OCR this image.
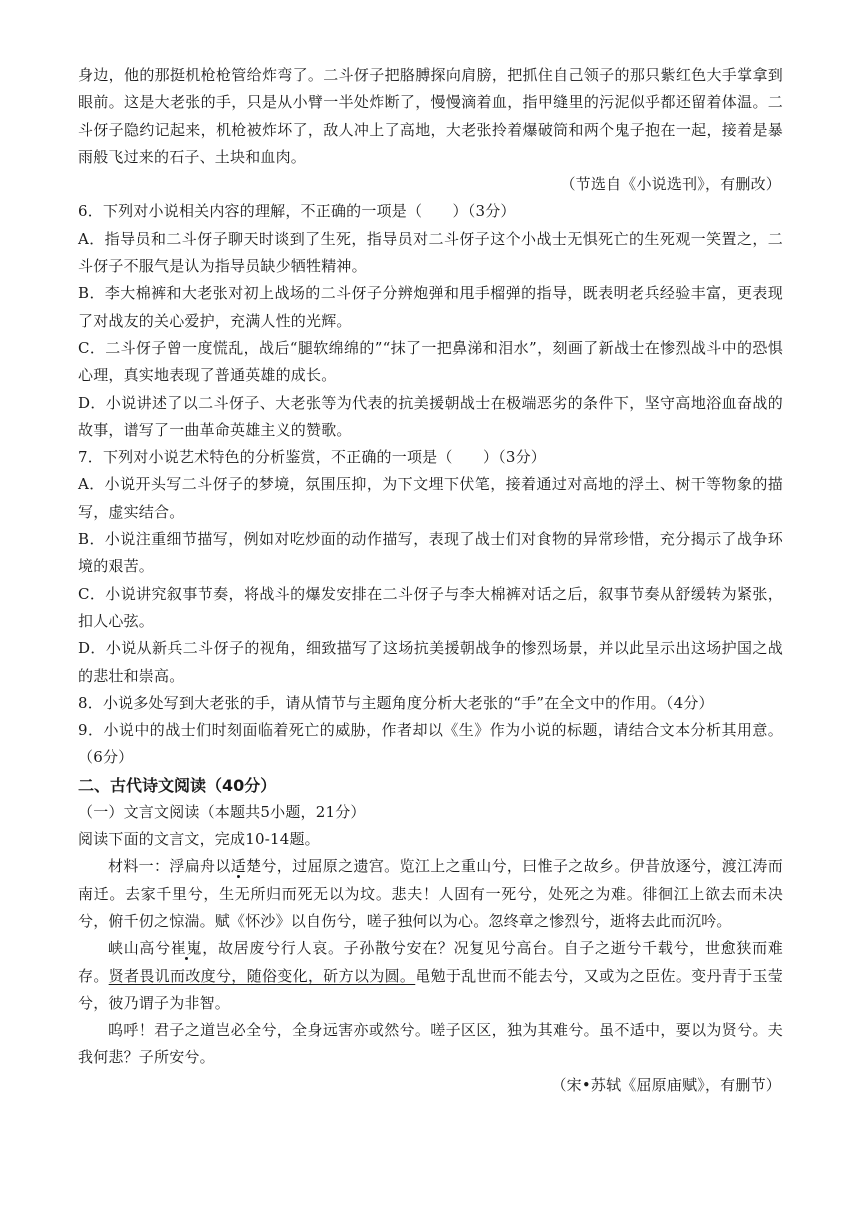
身边，他的那挺机枪枪管给炸弯了。二斗伢子把胳膊探向肩膀，把抓住自己领子的那只紫红色大手掌拿到眼前。这是大老张的手，只是从小臂一半处炸断了，慢慢滴着血，指甲缝里的污泥似乎都还留着体温。二斗伢子隐约记起来，机枪被炸坏了，敌人冲上了高地，大老张拎着爆破筒和两个鬼子抱在一起，接着是暴雨般飞过来的石子、土块和血肉。

（节选自《小说选刊》，有删改）

6．下列对小说相关内容的理解，不正确的一项是（　　）（3分）

A．指导员和二斗伢子聊天时谈到了生死，指导员对二斗伢子这个小战士无惧死亡的生死观一笑置之，二斗伢子不服气是认为指导员缺少牺牲精神。

B．李大棉裤和大老张对初上战场的二斗伢子分辨炮弹和甩手榴弹的指导，既表明老兵经验丰富，更表现了对战友的关心爱护，充满人性的光辉。

C．二斗伢子曾一度慌乱，战后“腿软绵绵的”“抹了一把鼻涕和泪水”，刻画了新战士在惨烈战斗中的恐惧心理，真实地表现了普通英雄的成长。

D．小说讲述了以二斗伢子、大老张等为代表的抗美援朝战士在极端恶劣的条件下，坚守高地浴血奋战的故事，谱写了一曲革命英雄主义的赞歌。

7．下列对小说艺术特色的分析鉴赏，不正确的一项是（　　）（3分）

A．小说开头写二斗伢子的梦境，氛围压抑，为下文埋下伏笔，接着通过对高地的浮土、树干等物象的描写，虚实结合。

B．小说注重细节描写，例如对吃炒面的动作描写，表现了战士们对食物的异常珍惜，充分揭示了战争环境的艰苦。

C．小说讲究叙事节奏，将战斗的爆发安排在二斗伢子与李大棉裤对话之后，叙事节奏从舒缓转为紧张，扣人心弦。

D．小说从新兵二斗伢子的视角，细致描写了这场抗美援朝战争的惨烈场景，并以此呈示出这场护国之战的悲壮和崇高。

8．小说多处写到大老张的手，请从情节与主题角度分析大老张的“手”在全文中的作用。（4分）

9．小说中的战士们时刻面临着死亡的威胁，作者却以《生》作为小说的标题，请结合文本分析其用意。（6分）

二、古代诗文阅读（40分）

（一）文言文阅读（本题共5小题，21分）

阅读下面的文言文，完成10-14题。

材料一：浮扁舟以适楚兮，过屈原之遗宫。览江上之重山兮，曰惟子之故乡。伊昔放逐兮，渡江涛而南迁。去家千里兮，生无所归而死无以为坟。悲夫！人固有一死兮，处死之为难。徘徊江上欲去而未决兮，俯千仞之惊湍。赋《怀沙》以自伤兮，嗟子独何以为心。忽终章之惨烈兮，逝将去此而沉吟。

峡山高兮崔嵬，故居废兮行人哀。子孙散兮安在？况复见兮高台。自子之逝兮千载兮，世愈狭而难存。贤者畏讥而改度兮，随俗变化，斫方以为圆。黾勉于乱世而不能去兮，又或为之臣佐。变丹青于玉莹兮，彼乃谓子为非智。

呜呼！君子之道岂必全兮，全身远害亦或然兮。嗟子区区，独为其难兮。虽不适中，要以为贤兮。夫我何悲？子所安兮。

（宋•苏轼《屈原庙赋》，有删节）
